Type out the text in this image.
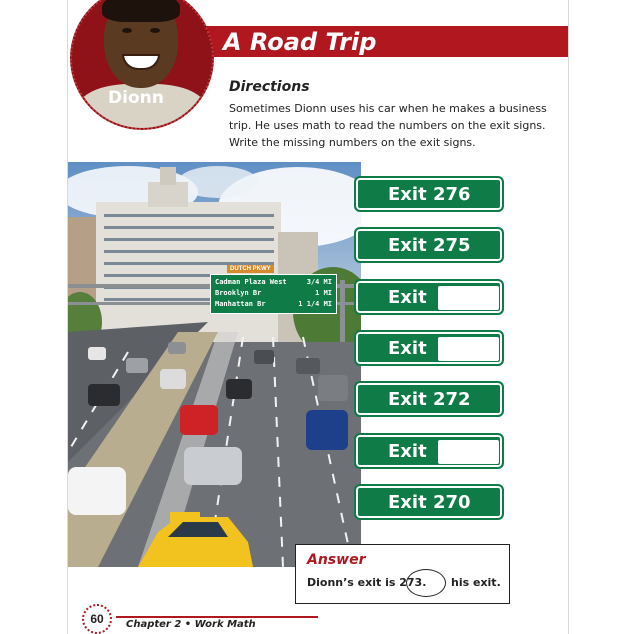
A Road Trip
Dionn
Directions
Sometimes Dionn uses his car when he makes a business trip. He uses math to read the numbers on the exit signs. Write the missing numbers on the exit signs.
DUTCH PKWY
Cadman Plaza West	3/4 MI
Brooklyn Br	1 MI
Manhattan Br	1 1/4 MI
Exit 276
Exit 275
Exit
Exit
Exit 272
Exit
Exit 270
Answer
Dionn’s exit is 273. his exit.
60	Chapter 2 • Work Math
